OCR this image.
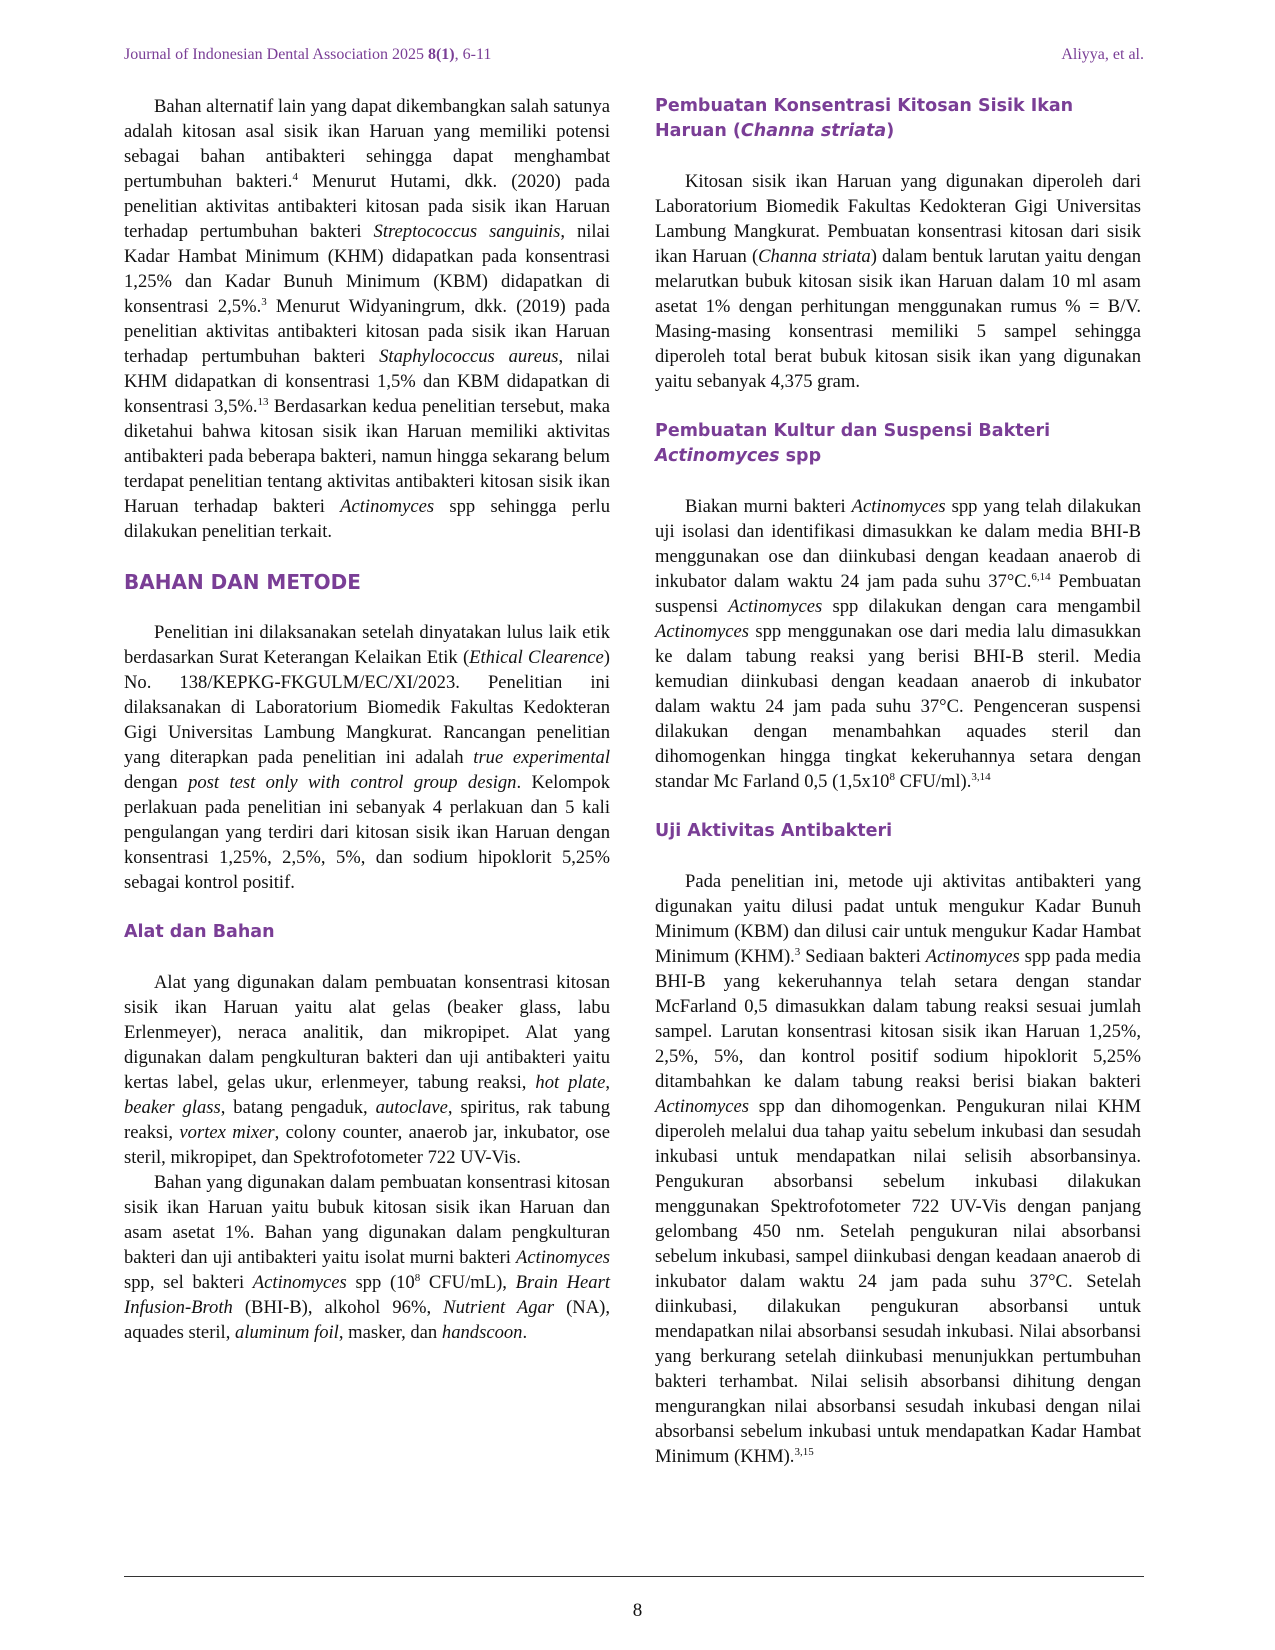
Journal of Indonesian Dental Association 2025 8(1), 6-11	Aliyya, et al.

Bahan alternatif lain yang dapat dikembangkan salah satunya adalah kitosan asal sisik ikan Haruan yang memiliki potensi sebagai bahan antibakteri sehingga dapat menghambat pertumbuhan bakteri.$^4$ Menurut Hutami, dkk. (2020) pada penelitian aktivitas antibakteri kitosan pada sisik ikan Haruan terhadap pertumbuhan bakteri Streptococcus sanguinis, nilai Kadar Hambat Minimum (KHM) didapatkan pada konsentrasi 1,25% dan Kadar Bunuh Minimum (KBM) didapatkan di konsentrasi 2,5%.$^3$ Menurut Widyaningrum, dkk. (2019) pada penelitian aktivitas antibakteri kitosan pada sisik ikan Haruan terhadap pertumbuhan bakteri Staphylococcus aureus, nilai KHM didapatkan di konsentrasi 1,5% dan KBM didapatkan di konsentrasi 3,5%.$^{13}$ Berdasarkan kedua penelitian tersebut, maka diketahui bahwa kitosan sisik ikan Haruan memiliki aktivitas antibakteri pada beberapa bakteri, namun hingga sekarang belum terdapat penelitian tentang aktivitas antibakteri kitosan sisik ikan Haruan terhadap bakteri Actinomyces spp sehingga perlu dilakukan penelitian terkait.

BAHAN DAN METODE

Penelitian ini dilaksanakan setelah dinyatakan lulus laik etik berdasarkan Surat Keterangan Kelaikan Etik (Ethical Clearence) No. 138/KEPKG-FKGULM/EC/XI/2023. Penelitian ini dilaksanakan di Laboratorium Biomedik Fakultas Kedokteran Gigi Universitas Lambung Mangkurat. Rancangan penelitian yang diterapkan pada penelitian ini adalah true experimental dengan post test only with control group design. Kelompok perlakuan pada penelitian ini sebanyak 4 perlakuan dan 5 kali pengulangan yang terdiri dari kitosan sisik ikan Haruan dengan konsentrasi 1,25%, 2,5%, 5%, dan sodium hipoklorit 5,25% sebagai kontrol positif.

Alat dan Bahan

Alat yang digunakan dalam pembuatan konsentrasi kitosan sisik ikan Haruan yaitu alat gelas (beaker glass, labu Erlenmeyer), neraca analitik, dan mikropipet. Alat yang digunakan dalam pengkulturan bakteri dan uji antibakteri yaitu kertas label, gelas ukur, erlenmeyer, tabung reaksi, hot plate, beaker glass, batang pengaduk, autoclave, spiritus, rak tabung reaksi, vortex mixer, colony counter, anaerob jar, inkubator, ose steril, mikropipet, dan Spektrofotometer 722 UV-Vis.

Bahan yang digunakan dalam pembuatan konsentrasi kitosan sisik ikan Haruan yaitu bubuk kitosan sisik ikan Haruan dan asam asetat 1%. Bahan yang digunakan dalam pengkulturan bakteri dan uji antibakteri yaitu isolat murni bakteri Actinomyces spp, sel bakteri Actinomyces spp ($10^8$ CFU/mL), Brain Heart Infusion-Broth (BHI-B), alkohol 96%, Nutrient Agar (NA), aquades steril, aluminum foil, masker, dan handscoon.

Pembuatan Konsentrasi Kitosan Sisik Ikan Haruan (Channa striata)

Kitosan sisik ikan Haruan yang digunakan diperoleh dari Laboratorium Biomedik Fakultas Kedokteran Gigi Universitas Lambung Mangkurat. Pembuatan konsentrasi kitosan dari sisik ikan Haruan (Channa striata) dalam bentuk larutan yaitu dengan melarutkan bubuk kitosan sisik ikan Haruan dalam 10 ml asam asetat 1% dengan perhitungan menggunakan rumus % = B/V. Masing-masing konsentrasi memiliki 5 sampel sehingga diperoleh total berat bubuk kitosan sisik ikan yang digunakan yaitu sebanyak 4,375 gram.

Pembuatan Kultur dan Suspensi Bakteri Actinomyces spp

Biakan murni bakteri Actinomyces spp yang telah dilakukan uji isolasi dan identifikasi dimasukkan ke dalam media BHI-B menggunakan ose dan diinkubasi dengan keadaan anaerob di inkubator dalam waktu 24 jam pada suhu 37°C.$^{6,14}$ Pembuatan suspensi Actinomyces spp dilakukan dengan cara mengambil Actinomyces spp menggunakan ose dari media lalu dimasukkan ke dalam tabung reaksi yang berisi BHI-B steril. Media kemudian diinkubasi dengan keadaan anaerob di inkubator dalam waktu 24 jam pada suhu 37°C. Pengenceran suspensi dilakukan dengan menambahkan aquades steril dan dihomogenkan hingga tingkat kekeruhannya setara dengan standar Mc Farland 0,5 ($1,5x10^8$ CFU/ml).$^{3,14}$

Uji Aktivitas Antibakteri

Pada penelitian ini, metode uji aktivitas antibakteri yang digunakan yaitu dilusi padat untuk mengukur Kadar Bunuh Minimum (KBM) dan dilusi cair untuk mengukur Kadar Hambat Minimum (KHM).$^3$ Sediaan bakteri Actinomyces spp pada media BHI-B yang kekeruhannya telah setara dengan standar McFarland 0,5 dimasukkan dalam tabung reaksi sesuai jumlah sampel. Larutan konsentrasi kitosan sisik ikan Haruan 1,25%, 2,5%, 5%, dan kontrol positif sodium hipoklorit 5,25% ditambahkan ke dalam tabung reaksi berisi biakan bakteri Actinomyces spp dan dihomogenkan. Pengukuran nilai KHM diperoleh melalui dua tahap yaitu sebelum inkubasi dan sesudah inkubasi untuk mendapatkan nilai selisih absorbansinya. Pengukuran absorbansi sebelum inkubasi dilakukan menggunakan Spektrofotometer 722 UV-Vis dengan panjang gelombang 450 nm. Setelah pengukuran nilai absorbansi sebelum inkubasi, sampel diinkubasi dengan keadaan anaerob di inkubator dalam waktu 24 jam pada suhu 37°C. Setelah diinkubasi, dilakukan pengukuran absorbansi untuk mendapatkan nilai absorbansi sesudah inkubasi. Nilai absorbansi yang berkurang setelah diinkubasi menunjukkan pertumbuhan bakteri terhambat. Nilai selisih absorbansi dihitung dengan mengurangkan nilai absorbansi sesudah inkubasi dengan nilai absorbansi sebelum inkubasi untuk mendapatkan Kadar Hambat Minimum (KHM).$^{3,15}$

8
